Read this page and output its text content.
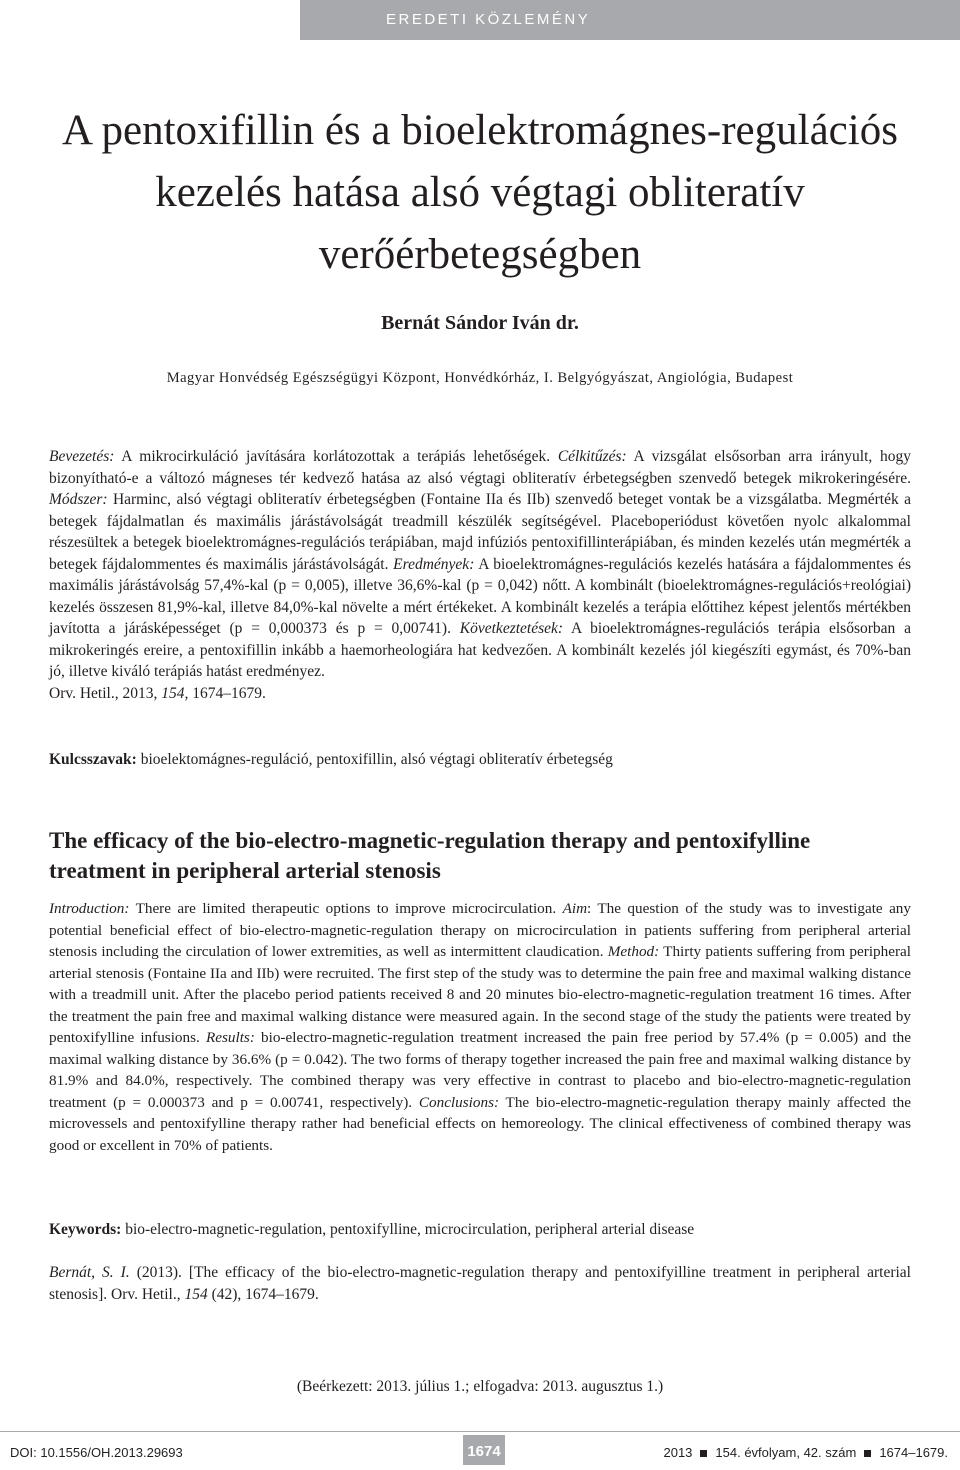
EREDETI KÖZLEMÉNY
A pentoxifillin és a bioelektromágnes-regulációs kezelés hatása alsó végtagi obliteratív verőérbetegségben
Bernát Sándor Iván dr.
Magyar Honvédség Egészségügyi Központ, Honvédkórház, I. Belgyógyászat, Angiológia, Budapest

Bevezetés: A mikrocirkuláció javítására korlátozottak a terápiás lehetőségek. Célkitűzés: A vizsgálat elsősorban arra irányult, hogy bizonyítható-e a változó mágneses tér kedvező hatása az alsó végtagi obliteratív érbetegségben szenvedő betegek mikrokeringésére. Módszer: Harminc, alsó végtagi obliteratív érbetegségben (Fontaine IIa és IIb) szenvedő beteget vontak be a vizsgálatba. Megmérték a betegek fájdalmatlan és maximális járástávolságát treadmill készülék segítségével. Placeboperiódust követően nyolc alkalommal részesültek a betegek bioelektromágnes-regulációs terápiában, majd infúziós pentoxifillinterápiában, és minden kezelés után megmérték a betegek fájdalommentes és maximális járástávolságát. Eredmények: A bioelektromágnes-regulációs kezelés hatására a fájdalommentes és maximális járástávolság 57,4%-kal (p = 0,005), illetve 36,6%-kal (p = 0,042) nőtt. A kombinált (bioelektromágnes-regulációs+reológiai) kezelés összesen 81,9%-kal, illetve 84,0%-kal növelte a mért értékeket. A kombinált kezelés a terápia előttihez képest jelentős mértékben javította a járásképességet (p = 0,000373 és p = 0,00741). Következtetések: A bioelektromágnes-regulációs terápia elsősorban a mikrokeringés ereire, a pentoxifillin inkább a haemorheologiára hat kedvezően. A kombinált kezelés jól kiegészíti egymást, és 70%-ban jó, illetve kiváló terápiás hatást eredményez.
Orv. Hetil., 2013, 154, 1674–1679.

Kulcsszavak: bioelektomágnes-reguláció, pentoxifillin, alsó végtagi obliteratív érbetegség

The efficacy of the bio-electro-magnetic-regulation therapy and pentoxifylline treatment in peripheral arterial stenosis

Introduction: There are limited therapeutic options to improve microcirculation. Aim: The question of the study was to investigate any potential beneficial effect of bio-electro-magnetic-regulation therapy on microcirculation in patients suffering from peripheral arterial stenosis including the circulation of lower extremities, as well as intermittent claudication. Method: Thirty patients suffering from peripheral arterial stenosis (Fontaine IIa and IIb) were recruited. The first step of the study was to determine the pain free and maximal walking distance with a treadmill unit. After the placebo period patients received 8 and 20 minutes bio-electro-magnetic-regulation treatment 16 times. After the treatment the pain free and maximal walking distance were measured again. In the second stage of the study the patients were treated by pentoxifylline infusions. Results: bio-electro-magnetic-regulation treatment increased the pain free period by 57.4% (p = 0.005) and the maximal walking distance by 36.6% (p = 0.042). The two forms of therapy together increased the pain free and maximal walking distance by 81.9% and 84.0%, respectively. The combined therapy was very effective in contrast to placebo and bio-electro-magnetic-regulation treatment (p = 0.000373 and p = 0.00741, respectively). Conclusions: The bio-electro-magnetic-regulation therapy mainly affected the microvessels and pentoxifylline therapy rather had beneficial effects on hemoreology. The clinical effectiveness of combined therapy was good or excellent in 70% of patients.

Keywords: bio-electro-magnetic-regulation, pentoxifylline, microcirculation, peripheral arterial disease

Bernát, S. I. (2013). [The efficacy of the bio-electro-magnetic-regulation therapy and pentoxifyilline treatment in peripheral arterial stenosis]. Orv. Hetil., 154 (42), 1674–1679.

(Beérkezett: 2013. július 1.; elfogadva: 2013. augusztus 1.)
DOI: 10.1556/OH.2013.29693	1674	2013 154. évfolyam, 42. szám 1674–1679.
